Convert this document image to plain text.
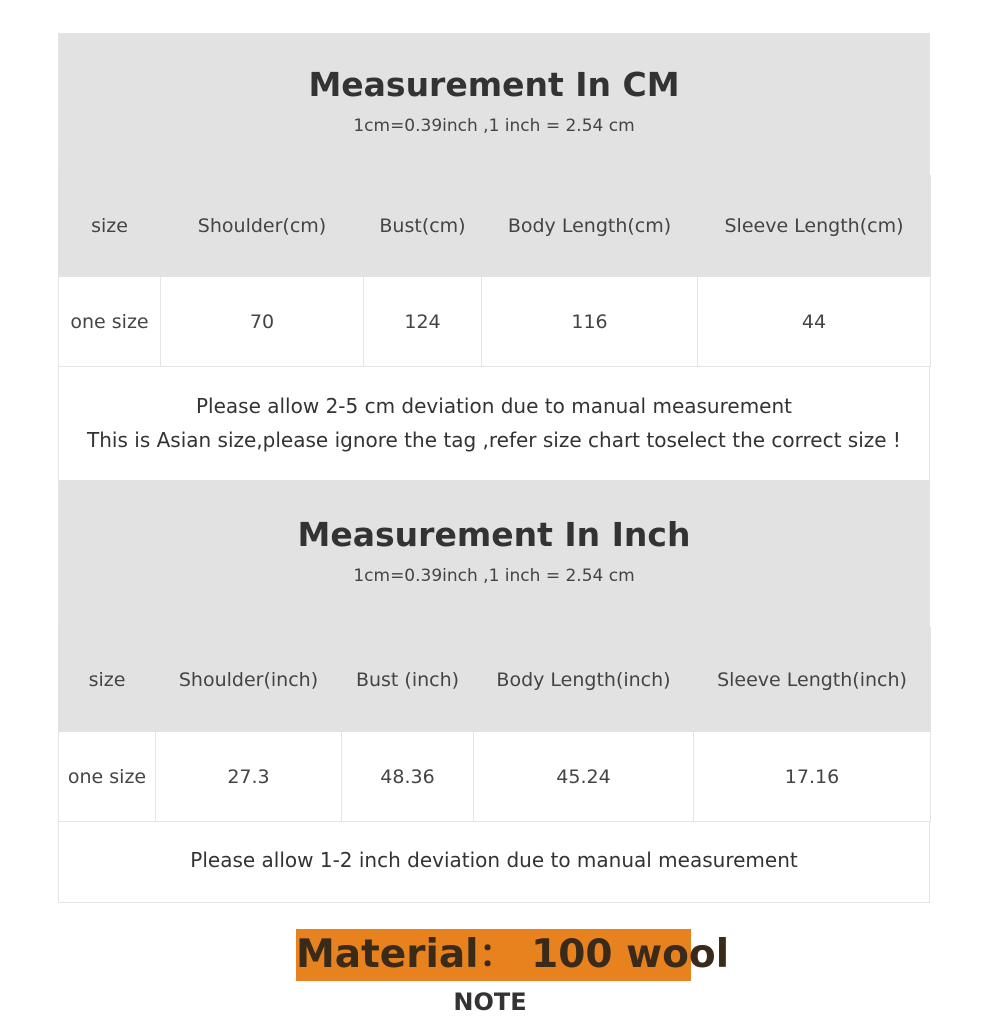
Measurement In CM
1cm=0.39inch ,1 inch = 2.54 cm
size	Shoulder(cm)	Bust(cm)	Body Length(cm)	Sleeve Length(cm)
one size	70	124	116	44
Please allow 2-5 cm deviation due to manual measurement
This is Asian size,please ignore the tag ,refer size chart toselect the correct size !
Measurement In Inch
1cm=0.39inch ,1 inch = 2.54 cm
size	Shoulder(inch)	Bust (inch)	Body Length(inch)	Sleeve Length(inch)
one size	27.3	48.36	45.24	17.16
Please allow 1-2 inch deviation due to manual measurement
Material： 100 wool
NOTE
